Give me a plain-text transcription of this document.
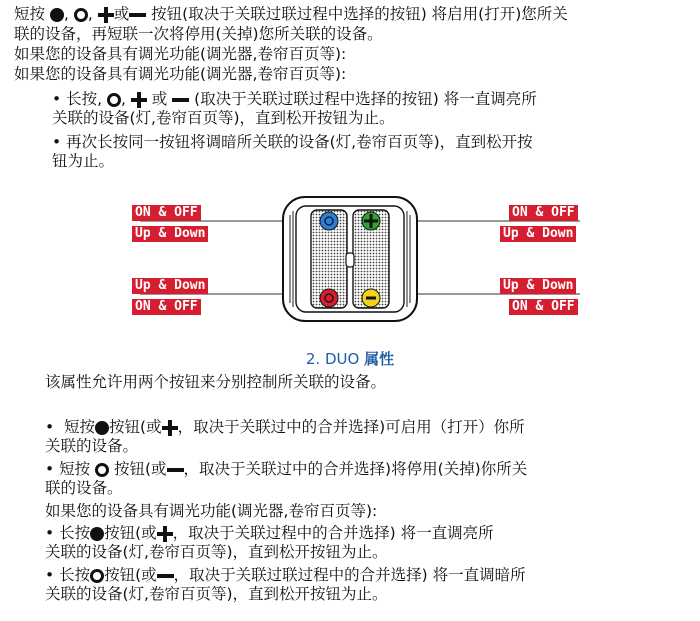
短按 , , 或 按钮(取决于关联过联过程中选择的按钮) 将启用(打开)您所关

联的设备，再短联一次将停用(关掉)您所关联的设备。

如果您的设备具有调光功能(调光器,卷帘百页等):

如果您的设备具有调光功能(调光器,卷帘百页等):

• 长按, , 或 (取决于关联过联过程中选择的按钮) 将一直调亮所

关联的设备(灯,卷帘百页等)，直到松开按钮为止。

• 再次长按同一按钮将调暗所关联的设备(灯,卷帘百页等)，直到松开按

钮为止。

ON & OFF
Up & Down
ON & OFF
Up & Down
Up & Down
ON & OFF
Up & Down
ON & OFF
2. DUO 属性

该属性允许用两个按钮来分别控制所关联的设备。

• 短按 按钮(或 ，取决于关联过中的合并选择)可启用（打开）你所

关联的设备。

• 短按 按钮(或 ，取决于关联过中的合并选择)将停用(关掉)你所关

联的设备。

如果您的设备具有调光功能(调光器,卷帘百页等):

• 长按 按钮(或 ，取决于关联过程中的合并选择) 将一直调亮所

关联的设备(灯,卷帘百页等)，直到松开按钮为止。

• 长按 按钮(或 ，取决于关联过联过程中的合并选择) 将一直调暗所

关联的设备(灯,卷帘百页等)，直到松开按钮为止。
